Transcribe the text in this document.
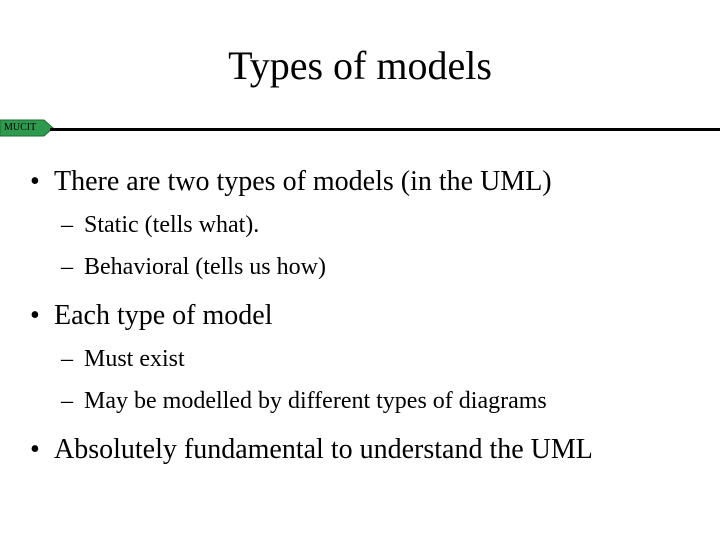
Types of models
MUCIT
• There are two types of models (in the UML)
– Static (tells what).
– Behavioral (tells us how)
• Each type of model
– Must exist
– May be modelled by different types of diagrams
• Absolutely fundamental to understand the UML
